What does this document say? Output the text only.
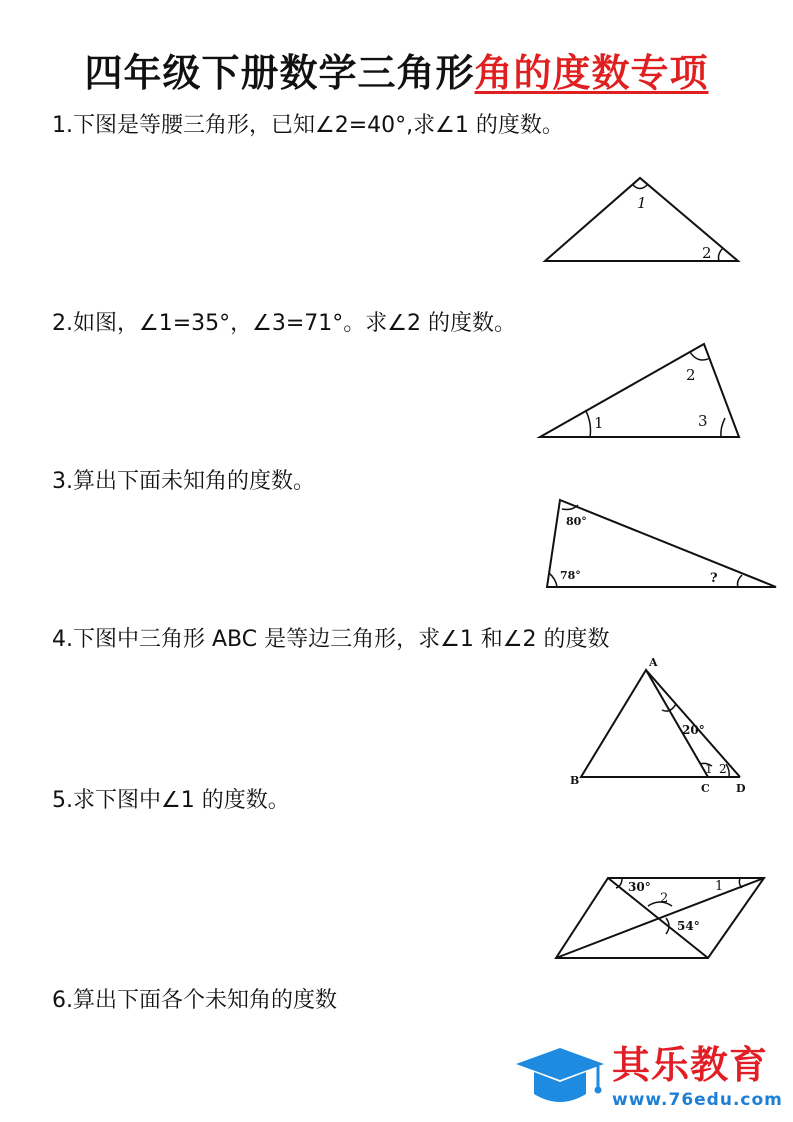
四年级下册数学三角形角的度数专项
1.下图是等腰三角形，已知∠2=40°,求∠1 的度数。
1
2
2.如图，∠1=35°，∠3=71°。求∠2 的度数。
1
2
3
3.算出下面未知角的度数。
80°
78°	?
4.下图中三角形 ABC 是等边三角形，求∠1 和∠2 的度数
A
B
C D
20°
1 2
5.求下图中∠1 的度数。
30°
2
1
54°
6.算出下面各个未知角的度数
其乐教育
www.76edu.com
